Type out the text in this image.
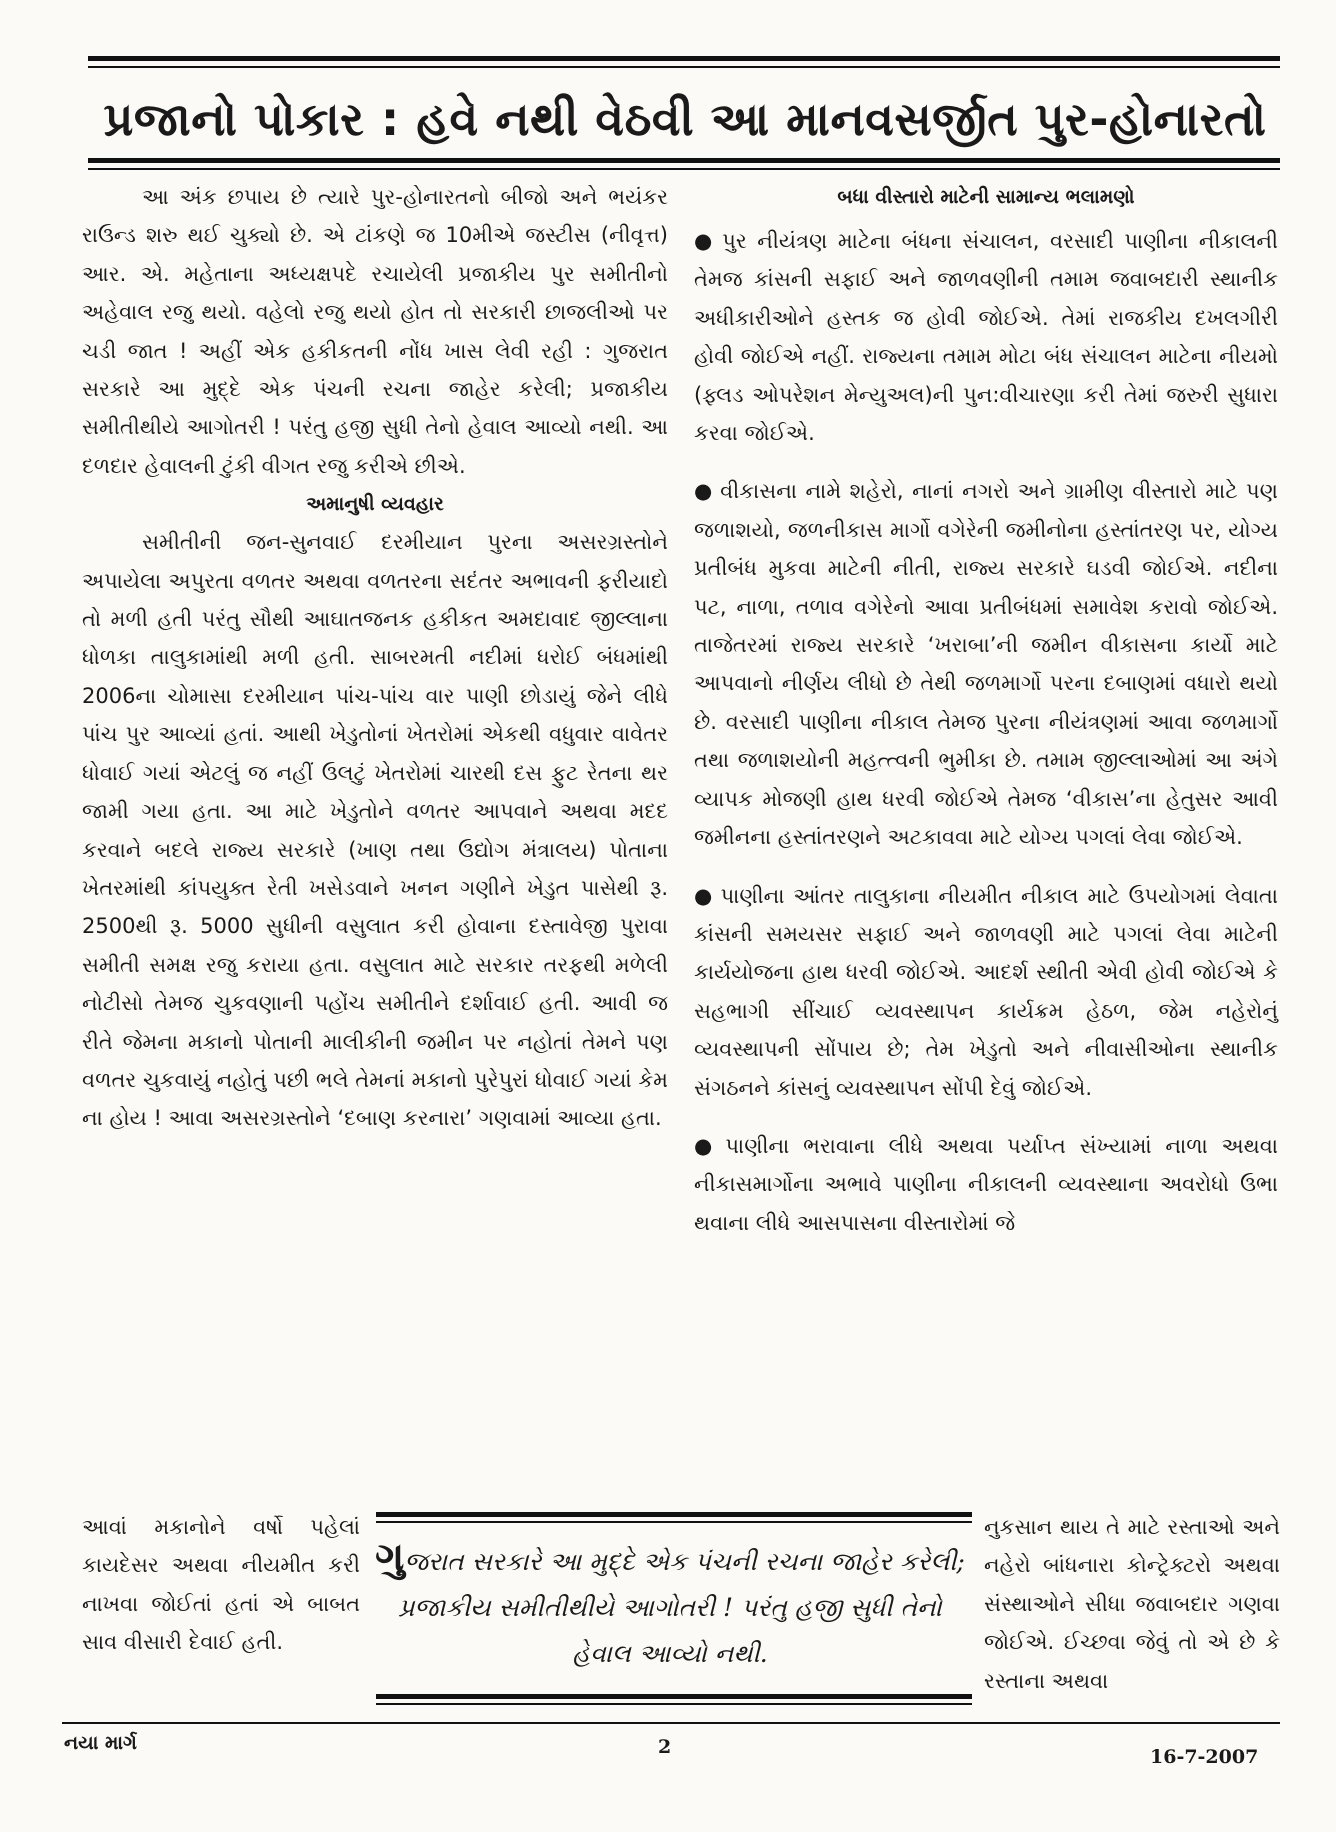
પ્રજાનો પોકાર : હવે નથી વેઠવી આ માનવસર્જીત પુર-હોનારતો

આ અંક છપાય છે ત્યારે પુર-હોનારતનો બીજો અને ભયંકર રાઉન્ડ શરુ થઈ ચુક્યો છે. એ ટાંકણે જ 10મીએ જસ્ટીસ (નીવૃત્ત) આર. એ. મહેતાના અધ્યક્ષપદે રચાયેલી પ્રજાકીય પુર સમીતીનો અહેવાલ રજુ થયો. વહેલો રજુ થયો હોત તો સરકારી છાજલીઓ પર ચડી જાત ! અહીં એક હકીકતની નોંધ ખાસ લેવી રહી : ગુજરાત સરકારે આ મુદ્દે એક પંચની રચના જાહેર કરેલી; પ્રજાકીય સમીતીથીયે આગોતરી ! પરંતુ હજી સુધી તેનો હેવાલ આવ્યો નથી. આ દળદાર હેવાલની ટુંકી વીગત રજુ કરીએ છીએ.

અમાનુષી વ્યવહાર

સમીતીની જન-સુનવાઈ દરમીયાન પુરના અસરગ્રસ્તોને અપાયેલા અપુરતા વળતર અથવા વળતરના સદંતર અભાવની ફરીયાદો તો મળી હતી પરંતુ સૌથી આઘાતજનક હકીકત અમદાવાદ જીલ્લાના ધોળકા તાલુકામાંથી મળી હતી. સાબરમતી નદીમાં ધરોઈ બંધમાંથી 2006ના ચોમાસા દરમીયાન પાંચ-પાંચ વાર પાણી છોડાયું જેને લીધે પાંચ પુર આવ્યાં હતાં. આથી ખેડુતોનાં ખેતરોમાં એકથી વધુવાર વાવેતર ધોવાઈ ગયાં એટલું જ નહીં ઉલટું ખેતરોમાં ચારથી દસ ફુટ રેતના થર જામી ગયા હતા. આ માટે ખેડુતોને વળતર આપવાને અથવા મદદ કરવાને બદલે રાજ્ય સરકારે (ખાણ તથા ઉદ્યોગ મંત્રાલય) પોતાના ખેતરમાંથી કાંપયુક્ત રેતી ખસેડવાને ખનન ગણીને ખેડુત પાસેથી રૂ. 2500થી રૂ. 5000 સુધીની વસુલાત કરી હોવાના દસ્તાવેજી પુરાવા સમીતી સમક્ષ રજુ કરાયા હતા. વસુલાત માટે સરકાર તરફથી મળેલી નોટીસો તેમજ ચુકવણાની પહોંચ સમીતીને દર્શાવાઈ હતી. આવી જ રીતે જેમના મકાનો પોતાની માલીકીની જમીન પર નહોતાં તેમને પણ વળતર ચુકવાયું નહોતું પછી ભલે તેમનાં મકાનો પુરેપુરાં ધોવાઈ ગયાં કેમ ના હોય ! આવા અસરગ્રસ્તોને ‘દબાણ કરનારા’ ગણવામાં આવ્યા હતા.

આવાં મકાનોને વર્ષો પહેલાં કાયદેસર અથવા નીયમીત કરી નાખવા જોઈતાં હતાં એ બાબત સાવ વીસારી દેવાઈ હતી.

બધા વીસ્તારો માટેની સામાન્ય ભલામણો

● પુર નીયંત્રણ માટેના બંધના સંચાલન, વરસાદી પાણીના નીકાલની તેમજ કાંસની સફાઈ અને જાળવણીની તમામ જવાબદારી સ્થાનીક અધીકારીઓને હસ્તક જ હોવી જોઈએ. તેમાં રાજકીય દખલગીરી હોવી જોઈએ નહીં. રાજ્યના તમામ મોટા બંધ સંચાલન માટેના નીયમો (ફ્લડ ઓપરેશન મેન્યુઅલ)ની પુન:વીચારણા કરી તેમાં જરુરી સુધારા કરવા જોઈએ.

● વીકાસના નામે શહેરો, નાનાં નગરો અને ગ્રામીણ વીસ્તારો માટે પણ જળાશયો, જળનીકાસ માર્ગો વગેરેની જમીનોના હસ્તાંતરણ પર, યોગ્ય પ્રતીબંધ મુકવા માટેની નીતી, રાજ્ય સરકારે ઘડવી જોઈએ. નદીના પટ, નાળા, તળાવ વગેરેનો આવા પ્રતીબંધમાં સમાવેશ કરાવો જોઈએ. તાજેતરમાં રાજ્ય સરકારે ‘ખરાબા’ની જમીન વીકાસના કાર્યો માટે આપવાનો નીર્ણય લીધો છે તેથી જળમાર્ગો પરના દબાણમાં વધારો થયો છે. વરસાદી પાણીના નીકાલ તેમજ પુરના નીયંત્રણમાં આવા જળમાર્ગો તથા જળાશયોની મહત્ત્વની ભુમીકા છે. તમામ જીલ્લાઓમાં આ અંગે વ્યાપક મોજણી હાથ ધરવી જોઈએ તેમજ ‘વીકાસ’ના હેતુસર આવી જમીનના હસ્તાંતરણને અટકાવવા માટે યોગ્ય પગલાં લેવા જોઈએ.

● પાણીના આંતર તાલુકાના નીયમીત નીકાલ માટે ઉપયોગમાં લેવાતા કાંસની સમયસર સફાઈ અને જાળવણી માટે પગલાં લેવા માટેની કાર્યયોજના હાથ ધરવી જોઈએ. આદર્શ સ્થીતી એવી હોવી જોઈએ કે સહભાગી સીંચાઈ વ્યવસ્થાપન કાર્યક્રમ હેઠળ, જેમ નહેરોનું વ્યવસ્થાપની સોંપાય છે; તેમ ખેડુતો અને નીવાસીઓના સ્થાનીક સંગઠનને કાંસનું વ્યવસ્થાપન સોંપી દેવું જોઈએ.

● પાણીના ભરાવાના લીધે અથવા પર્યાપ્ત સંખ્યામાં નાળા અથવા નીકાસમાર્ગોના અભાવે પાણીના નીકાલની વ્યવસ્થાના અવરોધો ઉભા થવાના લીધે આસપાસના વીસ્તારોમાં જે

નુકસાન થાય તે માટે રસ્તાઓ અને નહેરો બાંધનારા કોન્ટ્રેક્ટરો અથવા સંસ્થાઓને સીધા જવાબદાર ગણવા જોઈએ. ઈચ્છવા જેવું તો એ છે કે રસ્તાના અથવા

ગુજરાત સરકારે આ મુદ્દે એક પંચની રચના જાહેર કરેલી; પ્રજાકીય સમીતીથીયે આગોતરી ! પરંતુ હજી સુધી તેનો હેવાલ આવ્યો નથી.
નયા માર્ગ	2	16-7-2007
